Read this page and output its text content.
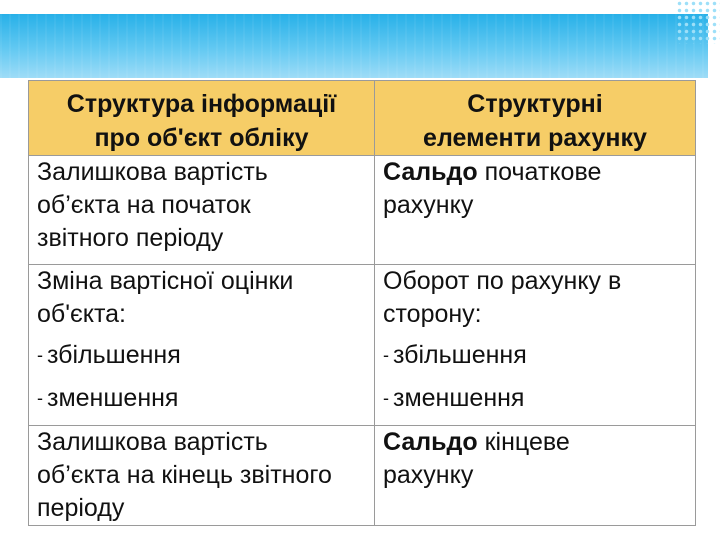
Структура інформації
про об'єкт обліку	Структурні
елементи рахунку

Залишкова вартість
об’єкта на початок
звітного періоду	Сальдо початкове
рахунку

Зміна вартісної оцінки
об'єкта:
- збільшення
- зменшення	Оборот по рахунку в
сторону:
- збільшення
- зменшення

Залишкова вартість
об’єкта на кінець звітного
періоду	Сальдо кінцеве
рахунку
